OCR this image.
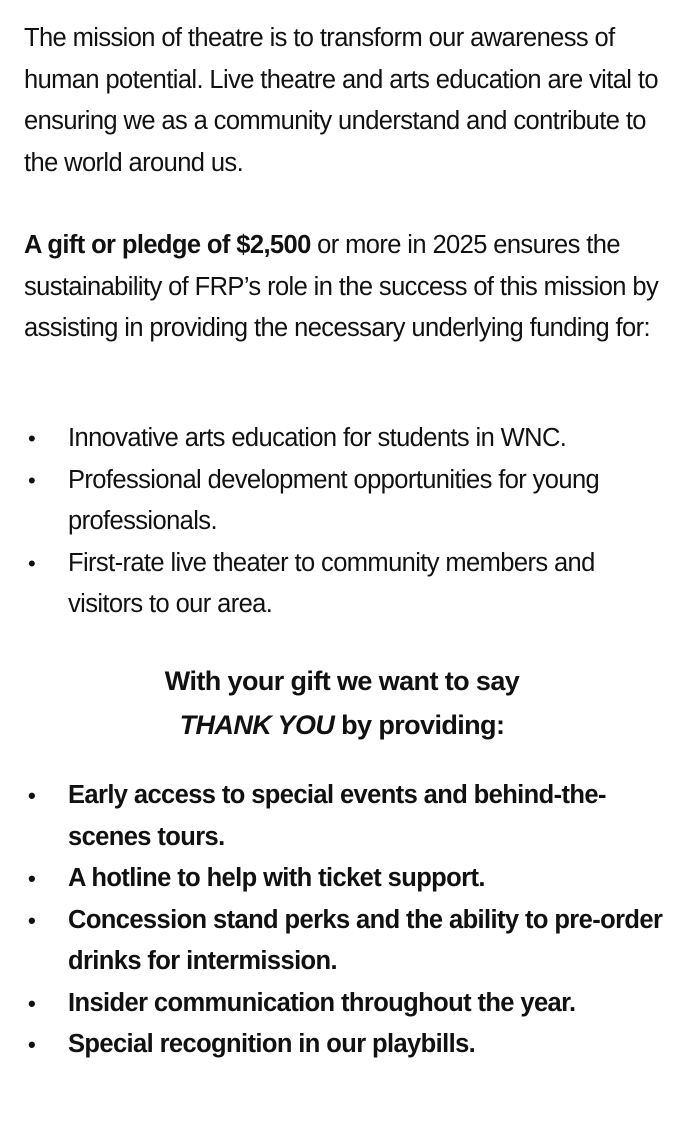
The mission of theatre is to transform our awareness of human potential. Live theatre and arts education are vital to ensuring we as a community understand and contribute to the world around us.

A gift or pledge of $2,500 or more in 2025 ensures the sustainability of FRP’s role in the success of this mission by assisting in providing the necessary underlying funding for:

• Innovative arts education for students in WNC.
• Professional development opportunities for young professionals.
• First-rate live theater to community members and visitors to our area.
With your gift we want to say
THANK YOU by providing:
• Early access to special events and behind-the-scenes tours.
• A hotline to help with ticket support.
• Concession stand perks and the ability to pre-order drinks for intermission.
• Insider communication throughout the year.
• Special recognition in our playbills.
